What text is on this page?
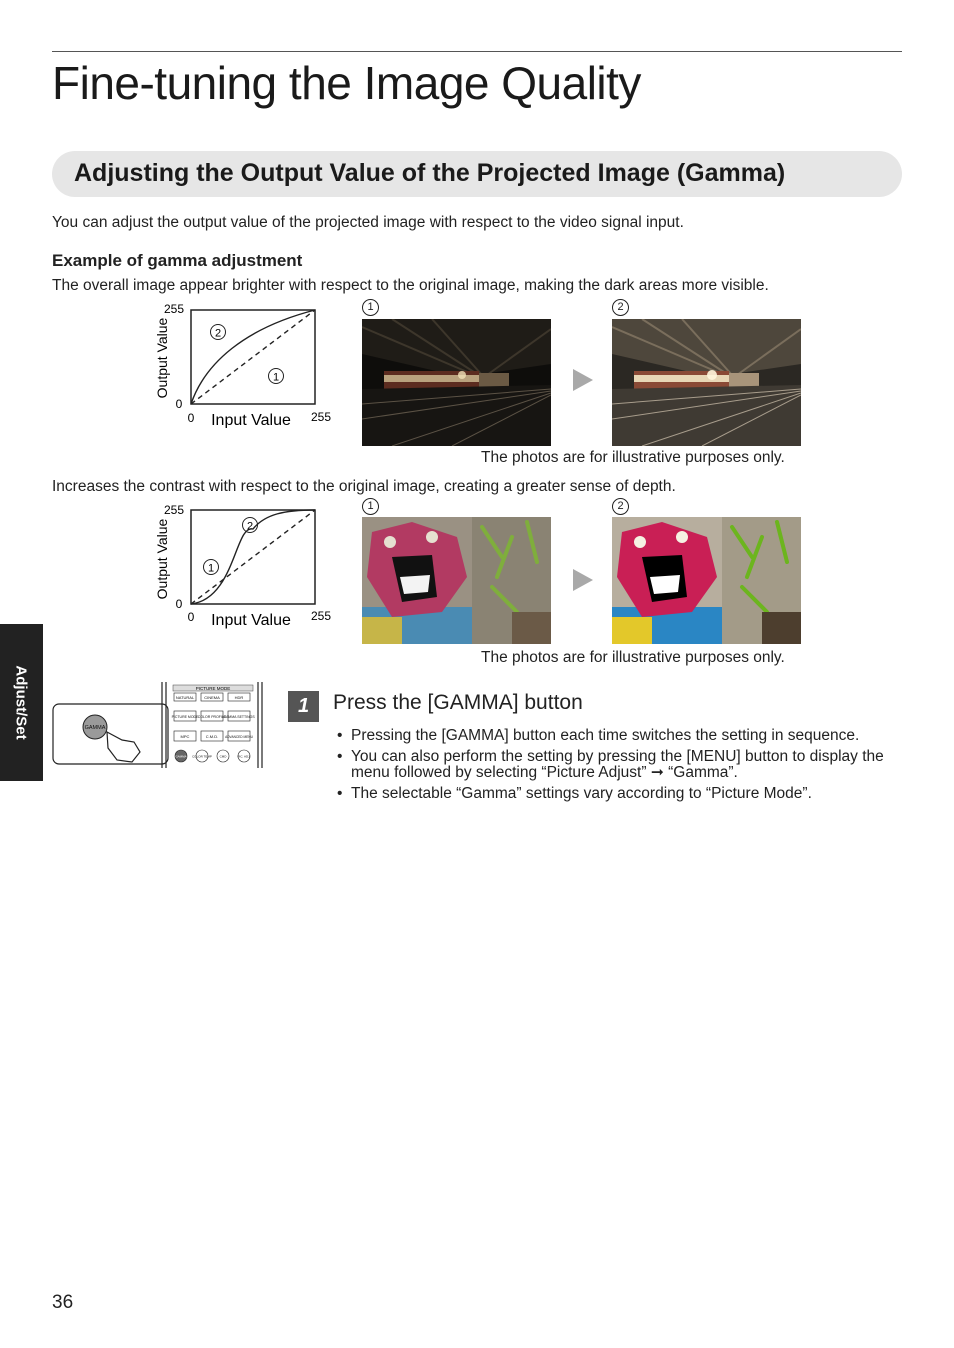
Fine-tuning the Image Quality
Adjusting the Output Value of the Projected Image (Gamma)
You can adjust the output value of the projected image with respect to the video signal input.
Example of gamma adjustment
The overall image appear brighter with respect to the original image, making the dark areas more visible.
255
0
0	255
Input Value
Output Value	2
1
1	2
The photos are for illustrative purposes only.
Increases the contrast with respect to the original image, creating a greater sense of depth.
255
0
0	255
Input Value
Output Value	2
1
1	2
The photos are for illustrative purposes only.
Adjust/Set	GAMMA
PICTURE MODE
NATURAL	CINEMA	HDR
PICTURE MODE COLOR PROFILE
GAMMA SETTINGS
MPC	C.M.D. ADVANCED MENU
GAMMA COLOR TEMP	CMD	PIC. ADJ.
1	Press the [GAMMA] button
• Pressing the [GAMMA] button each time switches the setting in sequence.
• You can also perform the setting by pressing the [MENU] button to display the menu followed by selecting “Picture Adjust” ➞ “Gamma”.
• The selectable “Gamma” settings vary according to “Picture Mode”.
36
